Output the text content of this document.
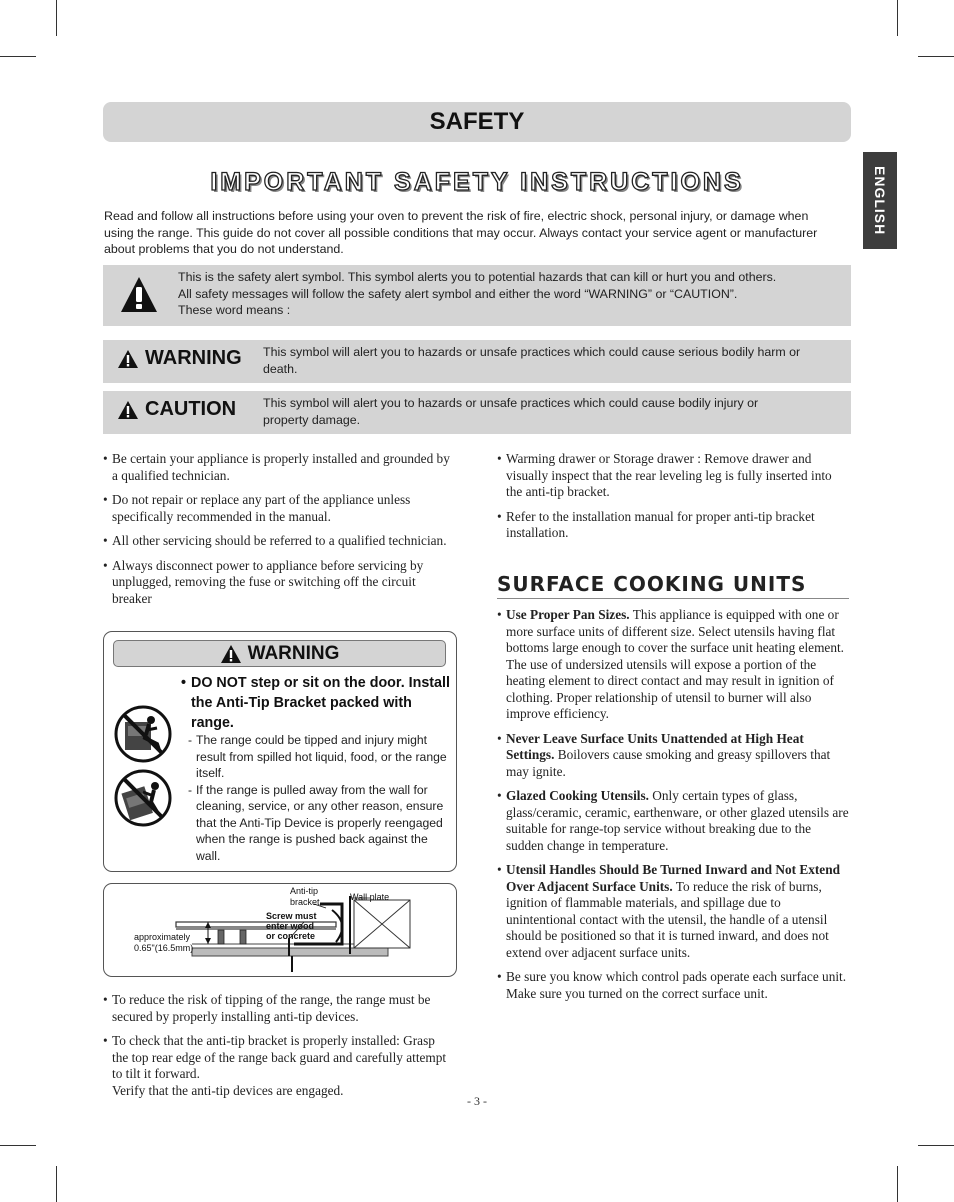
SAFETY
ENGLISH
IMPORTANT SAFETY INSTRUCTIONS

Read and follow all instructions before using your oven to prevent the risk of fire, electric shock, personal injury, or damage when using the range. This guide do not cover all possible conditions that may occur. Always contact your service agent or manufacturer about problems that you do not understand.

This is the safety alert symbol. This symbol alerts you to potential hazards that can kill or hurt you and others.
All safety messages will follow the safety alert symbol and either the word “WARNING” or “CAUTION”.
These word means :
WARNING This symbol will alert you to hazards or unsafe practices which could cause serious bodily harm or death.
CAUTION This symbol will alert you to hazards or unsafe practices which could cause bodily injury or property damage.
• Be certain your appliance is properly installed and grounded by a qualified technician.
• Do not repair or replace any part of the appliance unless specifically recommended in the manual.
• All other servicing should be referred to a qualified technician.
• Always disconnect power to appliance before servicing by unplugged, removing the fuse or switching off the circuit breaker
WARNING
• DO NOT step or sit on the door. Install the Anti-Tip Bracket packed with range.
- The range could be tipped and injury might result from spilled hot liquid, food, or the range itself.
- If the range is pulled away from the wall for cleaning, service, or any other reason, ensure that the Anti-Tip Device is properly reengaged when the range is pushed back against the wall.
Anti-tip
bracket	Wall plate
Screw must
enter wood
or concrete
approximately
0.65"(16.5mm)
• To reduce the risk of tipping of the range, the range must be secured by properly installing anti-tip devices.
• To check that the anti-tip bracket is properly installed: Grasp the top rear edge of the range back guard and carefully attempt to tilt it forward.
Verify that the anti-tip devices are engaged.
• Warming drawer or Storage drawer : Remove drawer and visually inspect that the rear leveling leg is fully inserted into the anti-tip bracket.
• Refer to the installation manual for proper anti-tip bracket installation.
SURFACE COOKING UNITS
• Use Proper Pan Sizes. This appliance is equipped with one or more surface units of different size. Select utensils having flat bottoms large enough to cover the surface unit heating element.
The use of undersized utensils will expose a portion of the heating element to direct contact and may result in ignition of clothing. Proper relationship of utensil to burner will also improve efficiency.
• Never Leave Surface Units Unattended at High Heat Settings. Boilovers cause smoking and greasy spillovers that may ignite.
• Glazed Cooking Utensils. Only certain types of glass, glass/ceramic, ceramic, earthenware, or other glazed utensils are suitable for range-top service without breaking due to the sudden change in temperature.
• Utensil Handles Should Be Turned Inward and Not Extend Over Adjacent Surface Units. To reduce the risk of burns, ignition of flammable materials, and spillage due to unintentional contact with the utensil, the handle of a utensil should be positioned so that it is turned inward, and does not extend over adjacent surface units.
• Be sure you know which control pads operate each surface unit.
Make sure you turned on the correct surface unit.
- 3 -
